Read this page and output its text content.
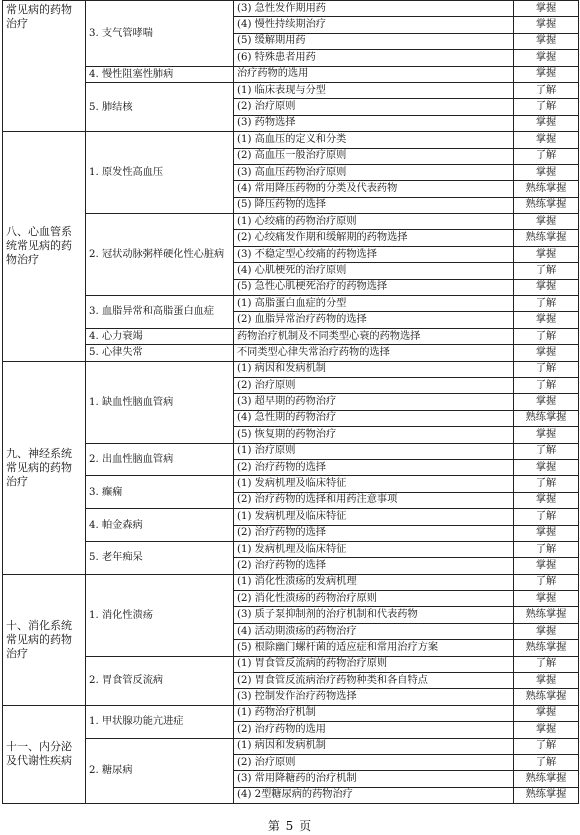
常见病的药物治疗	3. 支气管哮喘	(3) 急性发作期用药	掌握
		(4) 慢性持续期治疗	掌握
		(5) 缓解期用药	掌握
		(6) 特殊患者用药	掌握
	4. 慢性阻塞性肺病	治疗药物的选用	掌握
	5. 肺结核	(1) 临床表现与分型	了解
		(2) 治疗原则	了解
		(3) 药物选择	掌握
八、心血管系统常见病的药物治疗	1. 原发性高血压	(1) 高血压的定义和分类	掌握
		(2) 高血压一般治疗原则	了解
		(3) 高血压药物治疗原则	掌握
		(4) 常用降压药物的分类及代表药物	熟练掌握
		(5) 降压药物的选择	熟练掌握
	2. 冠状动脉粥样硬化性心脏病	(1) 心绞痛的药物治疗原则	掌握
		(2) 心绞痛发作期和缓解期的药物选择	熟练掌握
		(3) 不稳定型心绞痛的药物选择	掌握
		(4) 心肌梗死的治疗原则	了解
		(5) 急性心肌梗死治疗的药物选择	掌握
	3. 血脂异常和高脂蛋白血症	(1) 高脂蛋白血症的分型	了解
		(2) 血脂异常治疗药物的选择	掌握
	4. 心力衰竭	药物治疗机制及不同类型心衰的药物选择	了解
	5. 心律失常	不同类型心律失常治疗药物的选择	掌握
九、神经系统常见病的药物治疗	1. 缺血性脑血管病	(1) 病因和发病机制	了解
		(2) 治疗原则	了解
		(3) 超早期的药物治疗	掌握
		(4) 急性期的药物治疗	熟练掌握
		(5) 恢复期的药物治疗	掌握
	2. 出血性脑血管病	(1) 治疗原则	了解
		(2) 治疗药物的选择	掌握
	3. 癫痫	(1) 发病机理及临床特征	了解
		(2) 治疗药物的选择和用药注意事项	掌握
	4. 帕金森病	(1) 发病机理及临床特征	了解
		(2) 治疗药物的选择	掌握
	5. 老年痴呆	(1) 发病机理及临床特征	了解
		(2) 治疗药物的选择	掌握
十、消化系统常见病的药物治疗	1. 消化性溃疡	(1) 消化性溃疡的发病机理	了解
		(2) 消化性溃疡的药物治疗原则	掌握
		(3) 质子泵抑制剂的治疗机制和代表药物	熟练掌握
		(4) 活动期溃疡的药物治疗	掌握
		(5) 根除幽门螺杆菌的适应症和常用治疗方案	熟练掌握
	2. 胃食管反流病	(1) 胃食管反流病的药物治疗原则	了解
		(2) 胃食管反流病治疗药物种类和各自特点	掌握
		(3) 控制发作治疗药物选择	熟练掌握
十一、内分泌及代谢性疾病	1. 甲状腺功能亢进症	(1) 药物治疗机制	掌握
		(2) 治疗药物的选用	掌握
	2. 糖尿病	(1) 病因和发病机制	了解
		(2) 治疗原则	了解
		(3) 常用降糖药的治疗机制	熟练掌握
		(4) 2型糖尿病的药物治疗	熟练掌握
第 5 页
